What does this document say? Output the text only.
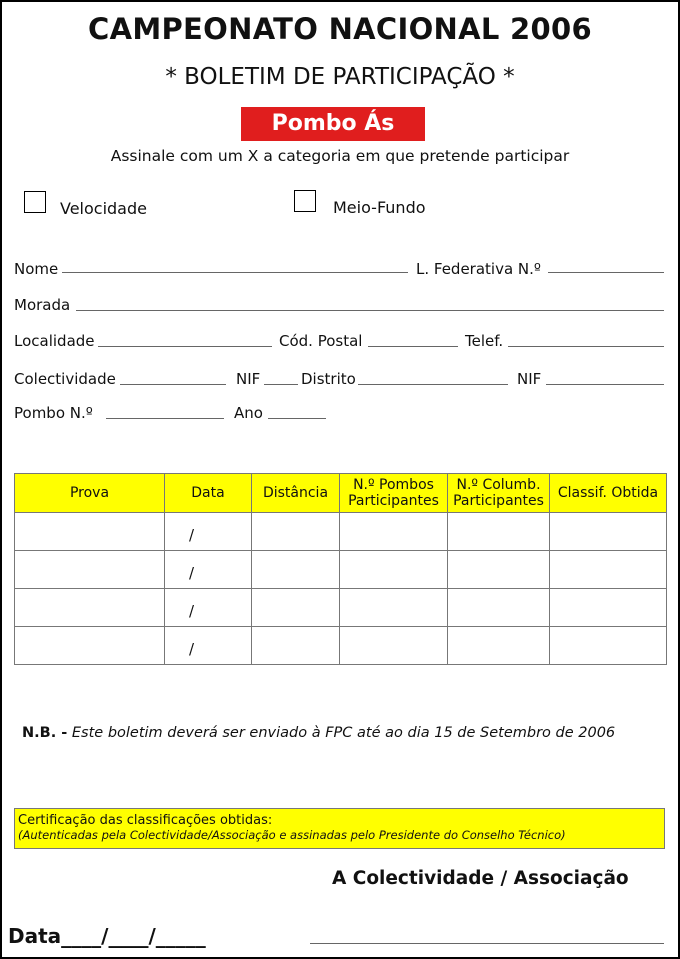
CAMPEONATO NACIONAL 2006
* BOLETIM DE PARTICIPAÇÃO *
Pombo Ás
Assinale com um X a categoria em que pretende participar
Velocidade	Meio-Fundo
Nome	L. Federativa N.º
Morada
Localidade	Cód. Postal	Telef.
Colectividade	NIF	Distrito	NIF
Pombo N.º	Ano
Prova	Data	Distância	N.º Pombos Participantes	N.º Columb. Participantes	Classif. Obtida

	/				

	/				

	/				

	/				

N.B. - Este boletim deverá ser enviado à FPC até ao dia 15 de Setembro de 2006
Certificação das classificações obtidas:
(Autenticadas pela Colectividade/Associação e assinadas pelo Presidente do Conselho Técnico)
A Colectividade / Associação
Data____/____/_____
